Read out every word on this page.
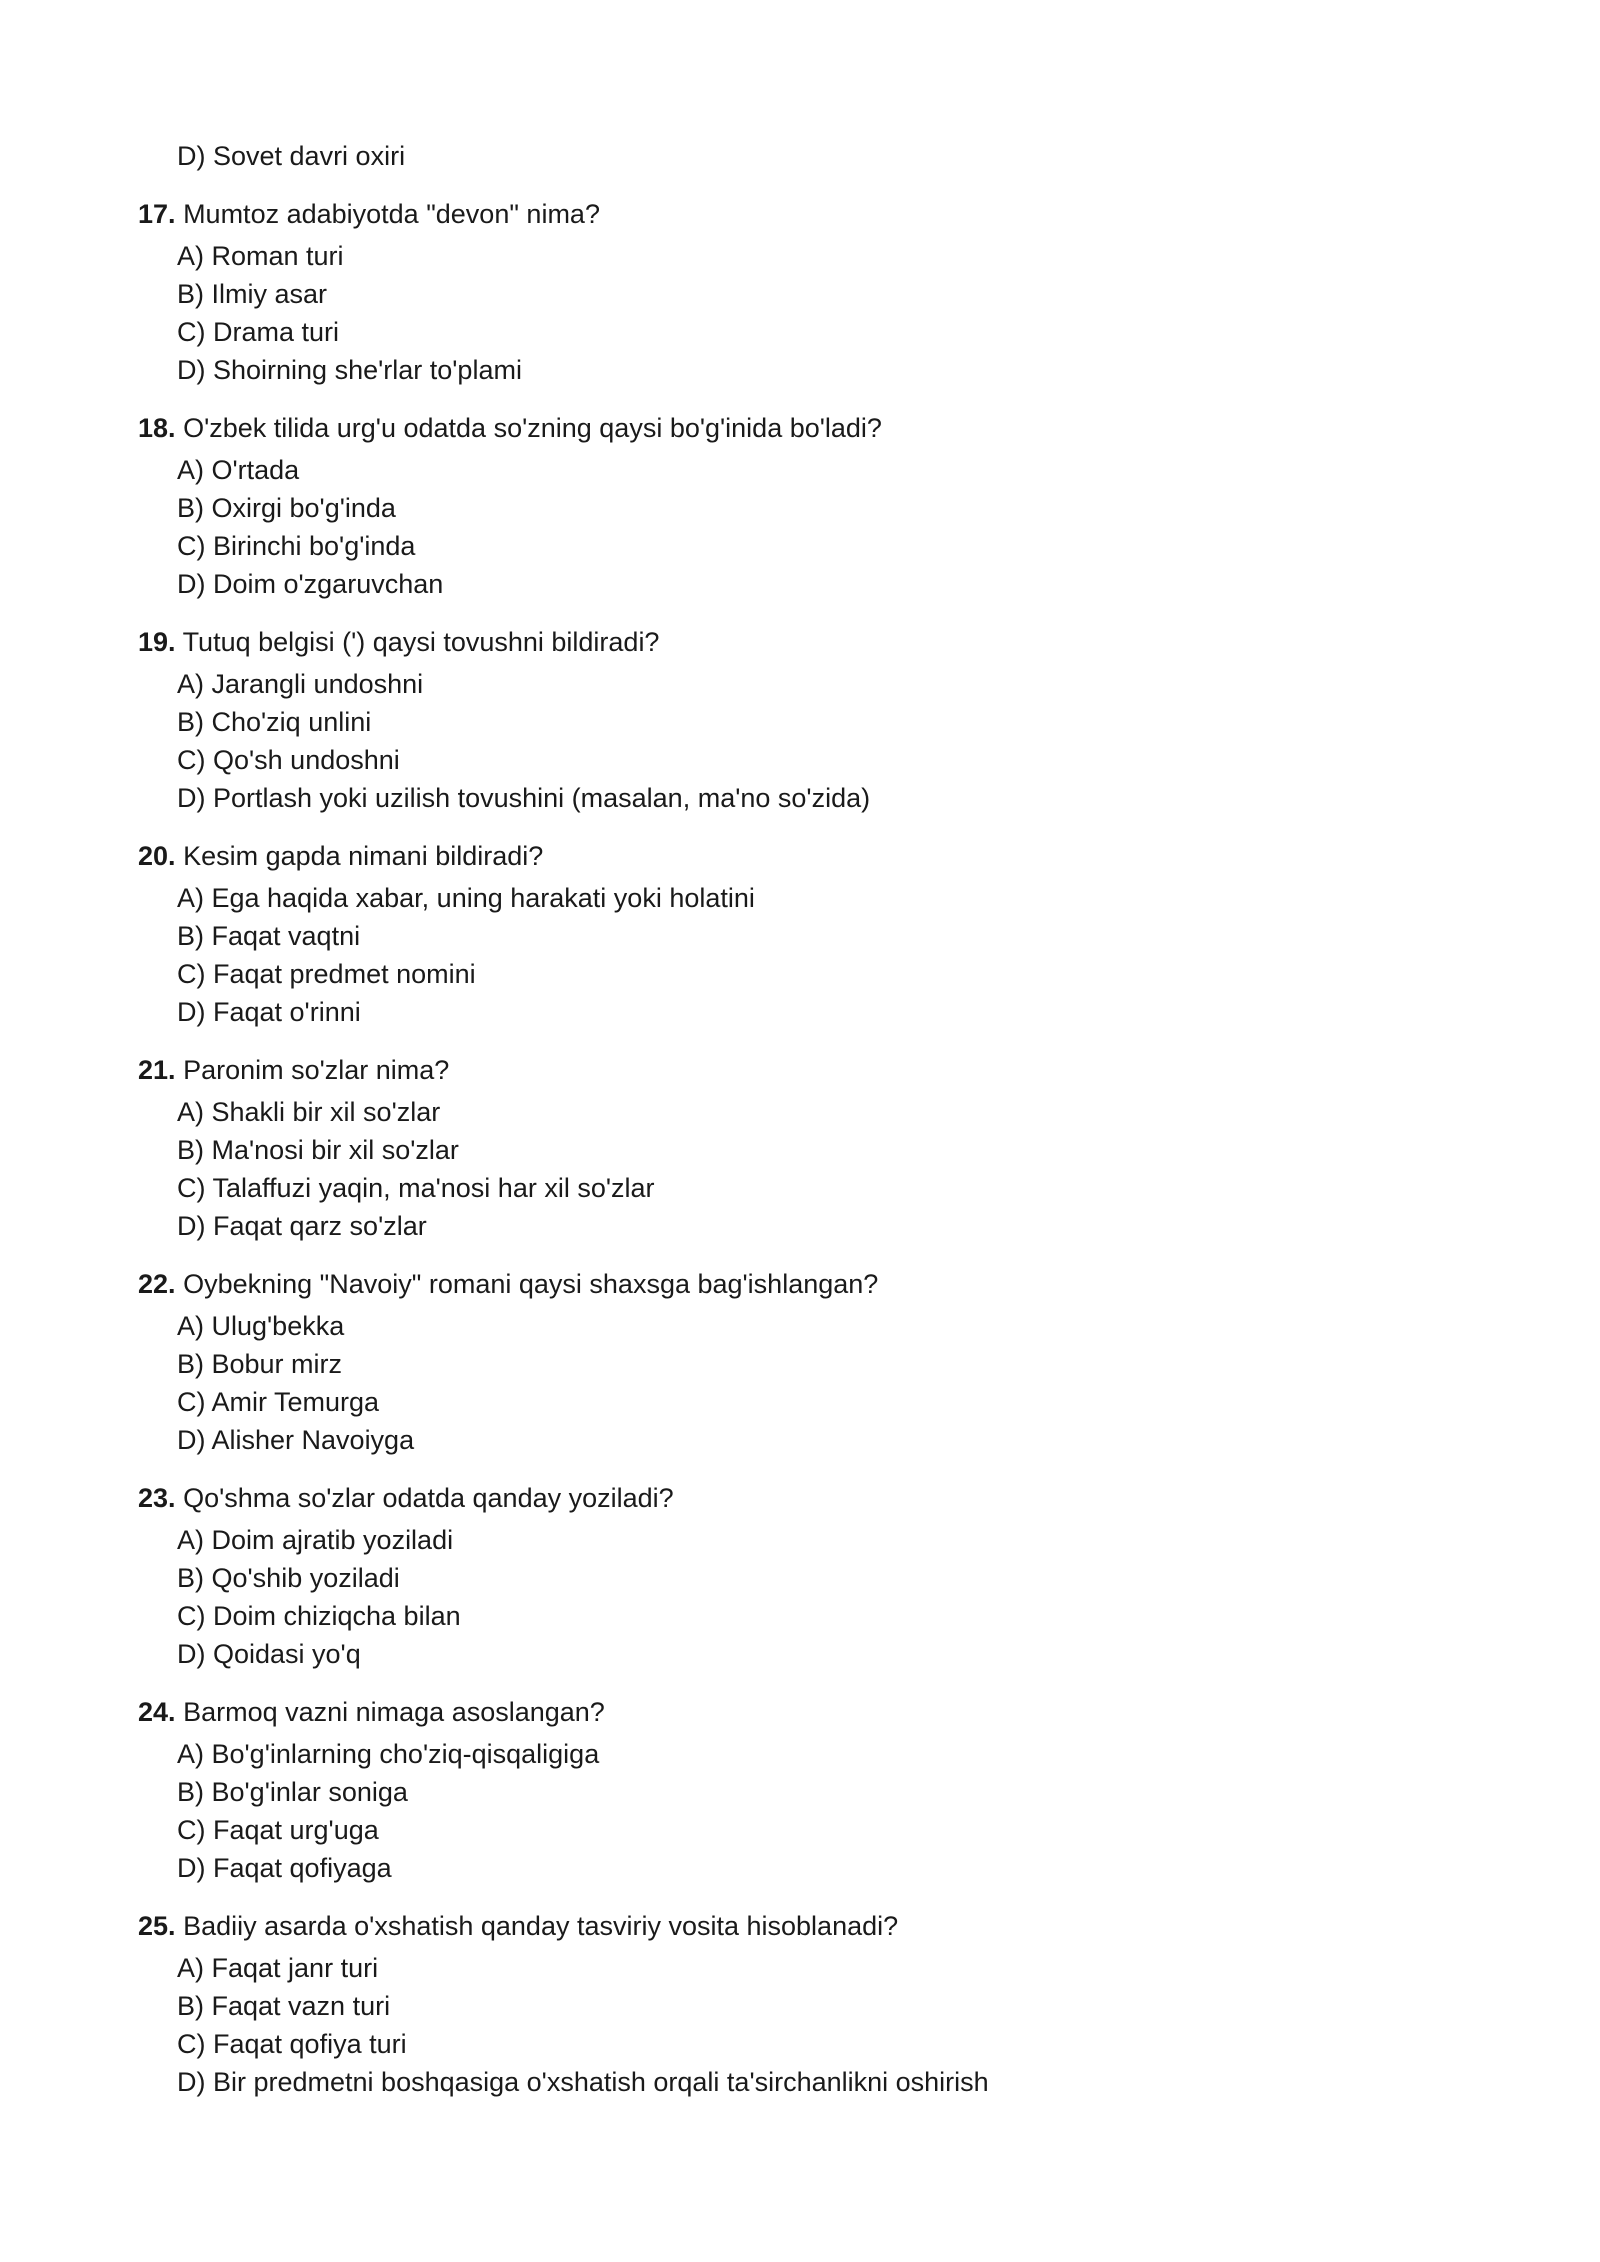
D) Sovet davri oxiri
17. Mumtoz adabiyotda "devon" nima?
A) Roman turi
B) Ilmiy asar
C) Drama turi
D) Shoirning she'rlar to'plami
18. O'zbek tilida urg'u odatda so'zning qaysi bo'g'inida bo'ladi?
A) O'rtada
B) Oxirgi bo'g'inda
C) Birinchi bo'g'inda
D) Doim o'zgaruvchan
19. Tutuq belgisi (') qaysi tovushni bildiradi?
A) Jarangli undoshni
B) Cho'ziq unlini
C) Qo'sh undoshni
D) Portlash yoki uzilish tovushini (masalan, ma'no so'zida)
20. Kesim gapda nimani bildiradi?
A) Ega haqida xabar, uning harakati yoki holatini
B) Faqat vaqtni
C) Faqat predmet nomini
D) Faqat o'rinni
21. Paronim so'zlar nima?
A) Shakli bir xil so'zlar
B) Ma'nosi bir xil so'zlar
C) Talaffuzi yaqin, ma'nosi har xil so'zlar
D) Faqat qarz so'zlar
22. Oybekning "Navoiy" romani qaysi shaxsga bag'ishlangan?
A) Ulug'bekka
B) Bobur mirz
C) Amir Temurga
D) Alisher Navoiyga
23. Qo'shma so'zlar odatda qanday yoziladi?
A) Doim ajratib yoziladi
B) Qo'shib yoziladi
C) Doim chiziqcha bilan
D) Qoidasi yo'q
24. Barmoq vazni nimaga asoslangan?
A) Bo'g'inlarning cho'ziq-qisqaligiga
B) Bo'g'inlar soniga
C) Faqat urg'uga
D) Faqat qofiyaga
25. Badiiy asarda o'xshatish qanday tasviriy vosita hisoblanadi?
A) Faqat janr turi
B) Faqat vazn turi
C) Faqat qofiya turi
D) Bir predmetni boshqasiga o'xshatish orqali ta'sirchanlikni oshirish
